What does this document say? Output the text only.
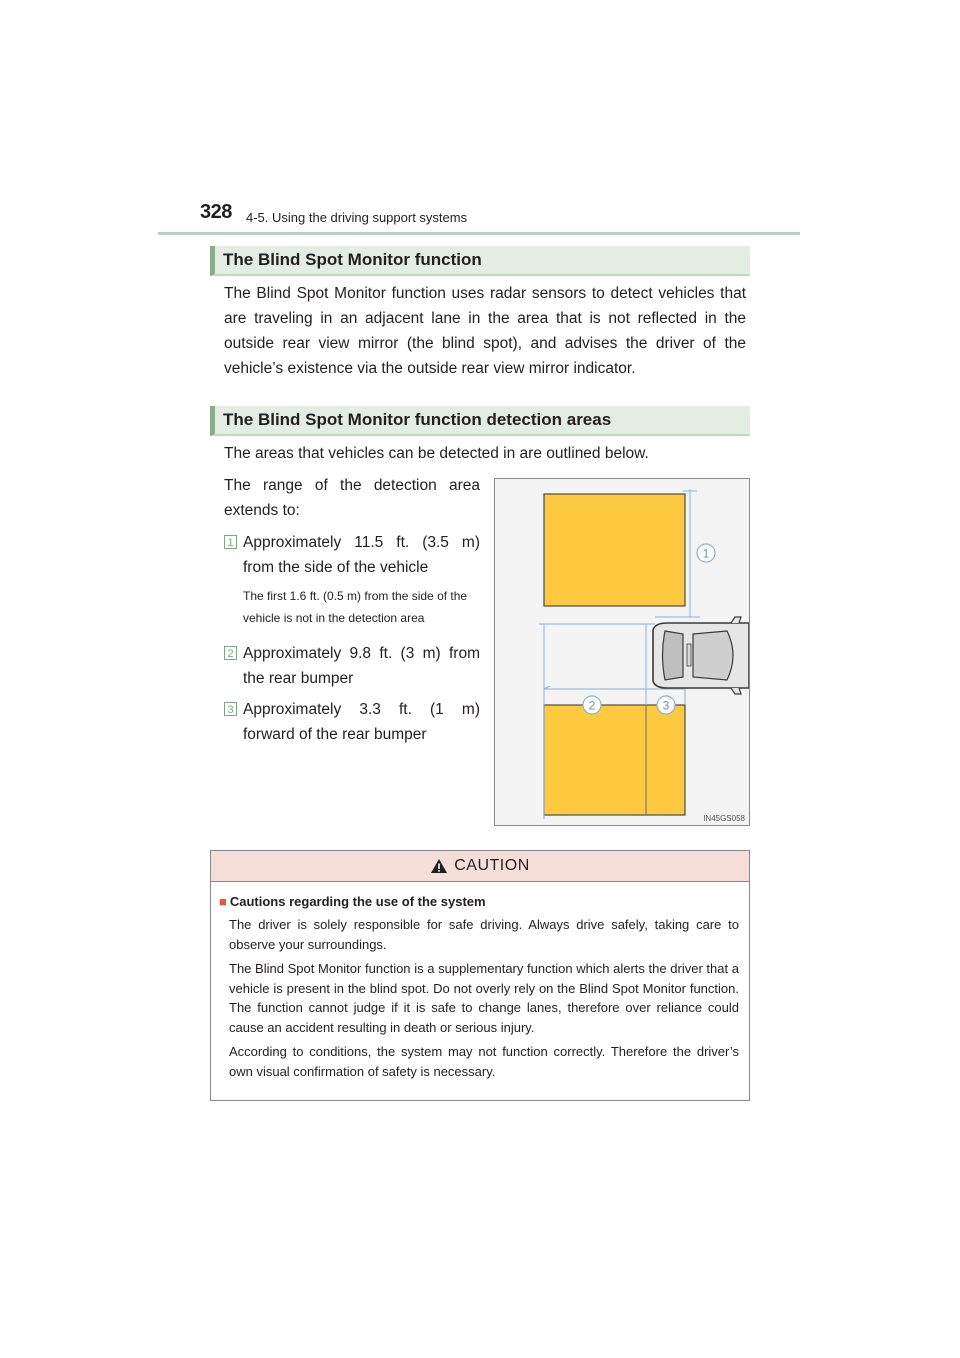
328 4-5. Using the driving support systems
The Blind Spot Monitor function

The Blind Spot Monitor function uses radar sensors to detect vehicles that are traveling in an adjacent lane in the area that is not reflected in the outside rear view mirror (the blind spot), and advises the driver of the vehicle’s existence via the outside rear view mirror indicator.

The Blind Spot Monitor function detection areas

The areas that vehicles can be detected in are outlined below.

The range of the detection area extends to:

1 Approximately 11.5 ft. (3.5 m) from the side of the vehicle
The first 1.6 ft. (0.5 m) from the side of the vehicle is not in the detection area
2 Approximately 9.8 ft. (3 m) from the rear bumper
3 Approximately 3.3 ft. (1 m) forward of the rear bumper
1
2	3
IN45GS058
CAUTION

■ Cautions regarding the use of the system

The driver is solely responsible for safe driving. Always drive safely, taking care to observe your surroundings.

The Blind Spot Monitor function is a supplementary function which alerts the driver that a vehicle is present in the blind spot. Do not overly rely on the Blind Spot Monitor function. The function cannot judge if it is safe to change lanes, therefore over reliance could cause an accident resulting in death or serious injury.

According to conditions, the system may not function correctly. Therefore the driver’s own visual confirmation of safety is necessary.
